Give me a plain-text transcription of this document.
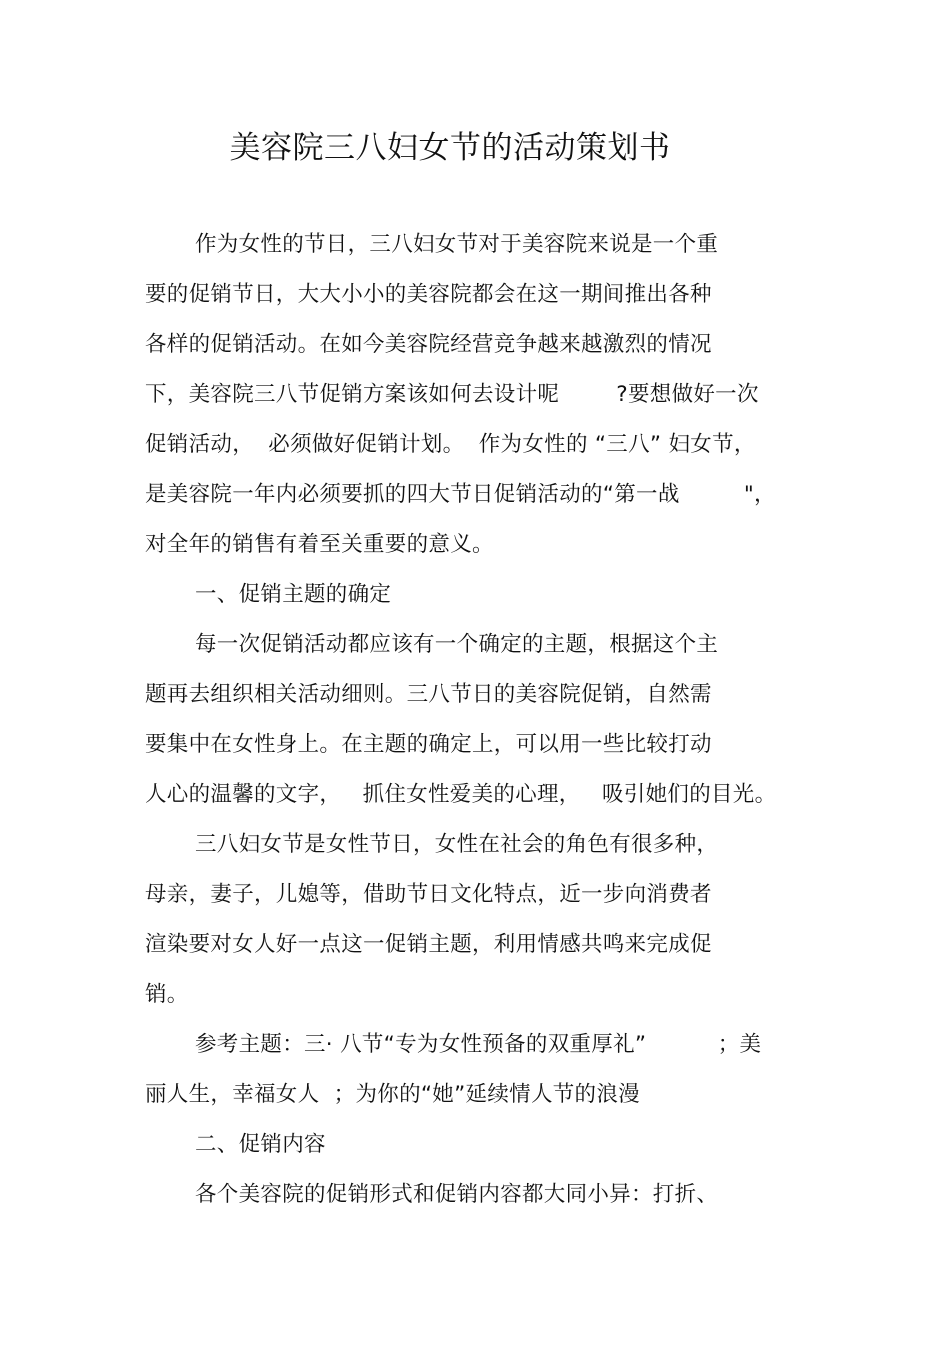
美容院三八妇女节的活动策划书
作为女性的节日，三八妇女节对于美容院来说是一个重
要的促销节日，大大小小的美容院都会在这一期间推出各种
各样的促销活动。在如今美容院经营竞争越来越激烈的情况
下，美容院三八节促销方案该如何去设计呢        ?要想做好一次
促销活动，  必须做好促销计划。  作为女性的 “三八” 妇女节，
是美容院一年内必须要抓的四大节日促销活动的“第一战         "，
对全年的销售有着至关重要的意义。
一、促销主题的确定
每一次促销活动都应该有一个确定的主题，根据这个主
题再去组织相关活动细则。三八节日的美容院促销，自然需
要集中在女性身上。在主题的确定上，可以用一些比较打动
人心的温馨的文字，   抓住女性爱美的心理，   吸引她们的目光。
三八妇女节是女性节日，女性在社会的角色有很多种，
母亲，妻子，儿媳等，借助节日文化特点，近一步向消费者
渲染要对女人好一点这一促销主题，利用情感共鸣来完成促
销。
参考主题：三· 八节“专为女性预备的双重厚礼”          ；美
丽人生，幸福女人  ；为你的“她”延续情人节的浪漫
二、促销内容
各个美容院的促销形式和促销内容都大同小异：打折、
